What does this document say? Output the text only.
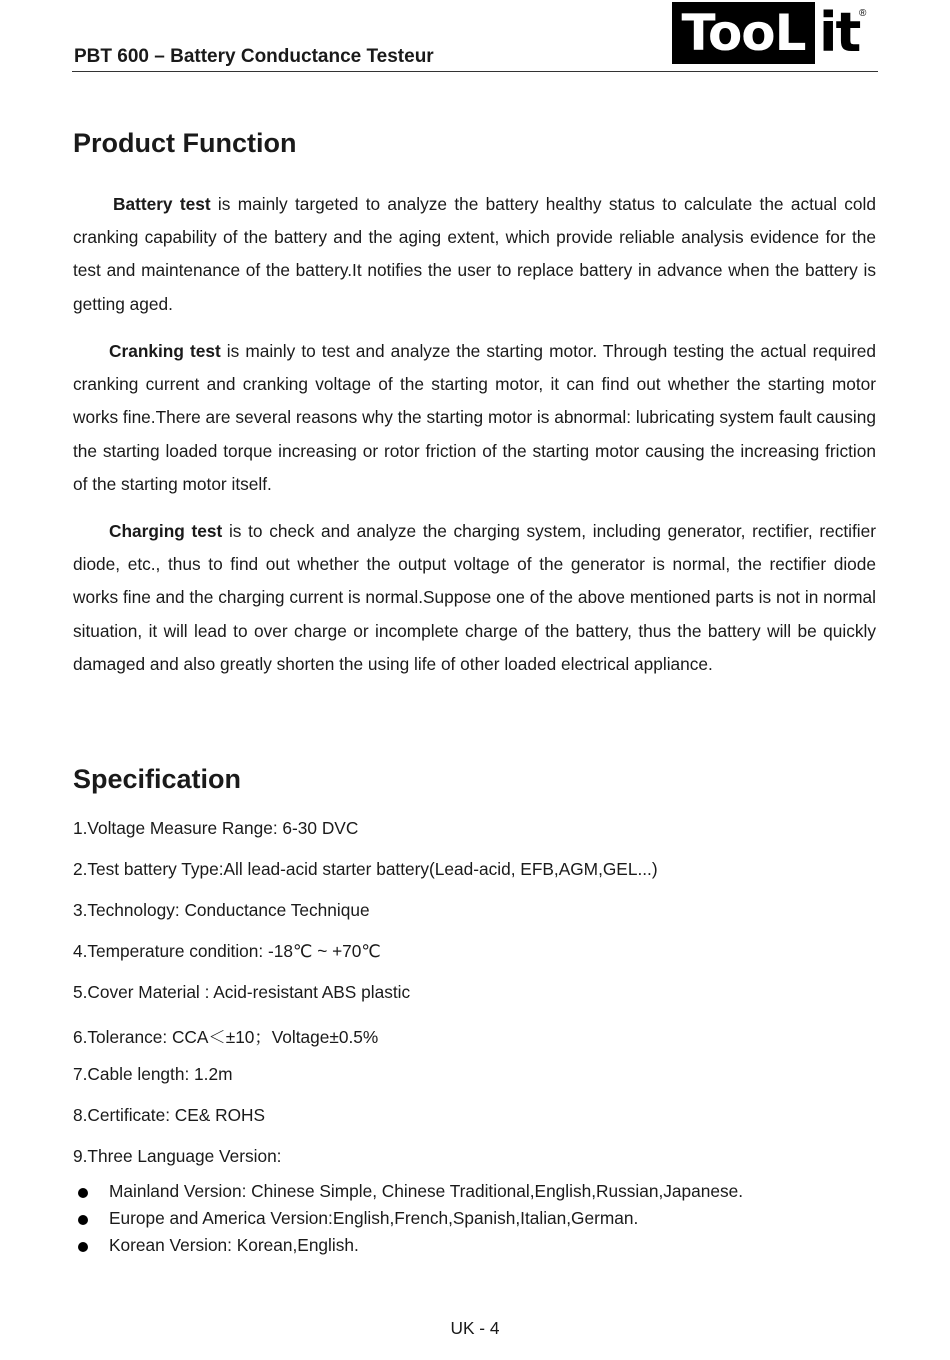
PBT 600 – Battery Conductance Testeur	TooL it ®
Product Function

Battery test is mainly targeted to analyze the battery healthy status to calculate the actual cold cranking capability of the battery and the aging extent, which provide reliable analysis evidence for the test and maintenance of the battery.It notifies the user to replace battery in advance when the battery is getting aged.

Cranking test is mainly to test and analyze the starting motor. Through testing the actual required cranking current and cranking voltage of the starting motor, it can find out whether the starting motor works fine.There are several reasons why the starting motor is abnormal: lubricating system fault causing the starting loaded torque increasing or rotor friction of the starting motor causing the increasing friction of the starting motor itself.

Charging test is to check and analyze the charging system, including generator, rectifier, rectifier diode, etc., thus to find out whether the output voltage of the generator is normal, the rectifier diode works fine and the charging current is normal.Suppose one of the above mentioned parts is not in normal situation, it will lead to over charge or incomplete charge of the battery, thus the battery will be quickly damaged and also greatly shorten the using life of other loaded electrical appliance.

Specification
1.Voltage Measure Range: 6-30 DVC
2.Test battery Type:All lead-acid starter battery(Lead-acid, EFB,AGM,GEL...)
3.Technology: Conductance Technique
4.Temperature condition: -18℃ ~ +70℃
5.Cover Material : Acid-resistant ABS plastic
6.Tolerance: CCA＜±10；Voltage±0.5%
7.Cable length: 1.2m
8.Certificate: CE& ROHS
9.Three Language Version:
Mainland Version: Chinese Simple, Chinese Traditional,English,Russian,Japanese.
Europe and America Version:English,French,Spanish,Italian,German.
Korean Version: Korean,English.
UK - 4
